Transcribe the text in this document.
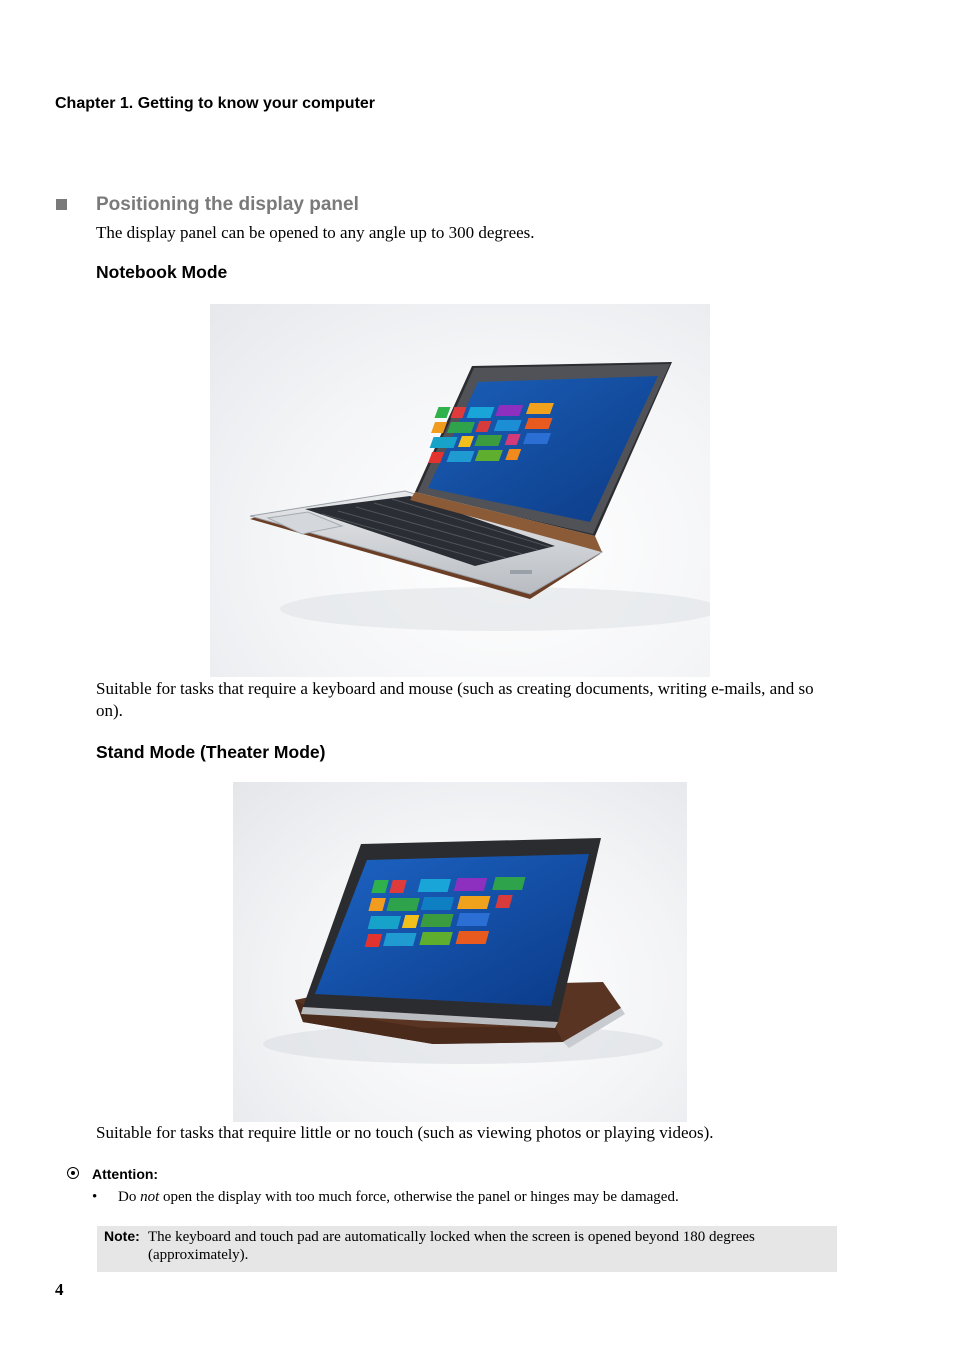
Chapter 1. Getting to know your computer
Positioning the display panel
The display panel can be opened to any angle up to 300 degrees.
Notebook Mode
Suitable for tasks that require a keyboard and mouse (such as creating documents, writing e-mails, and so on).
Stand Mode (Theater Mode)
Suitable for tasks that require little or no touch (such as viewing photos or playing videos).
Attention:
• Do not open the display with too much force, otherwise the panel or hinges may be damaged.
Note: The keyboard and touch pad are automatically locked when the screen is opened beyond 180 degrees (approximately).
4
